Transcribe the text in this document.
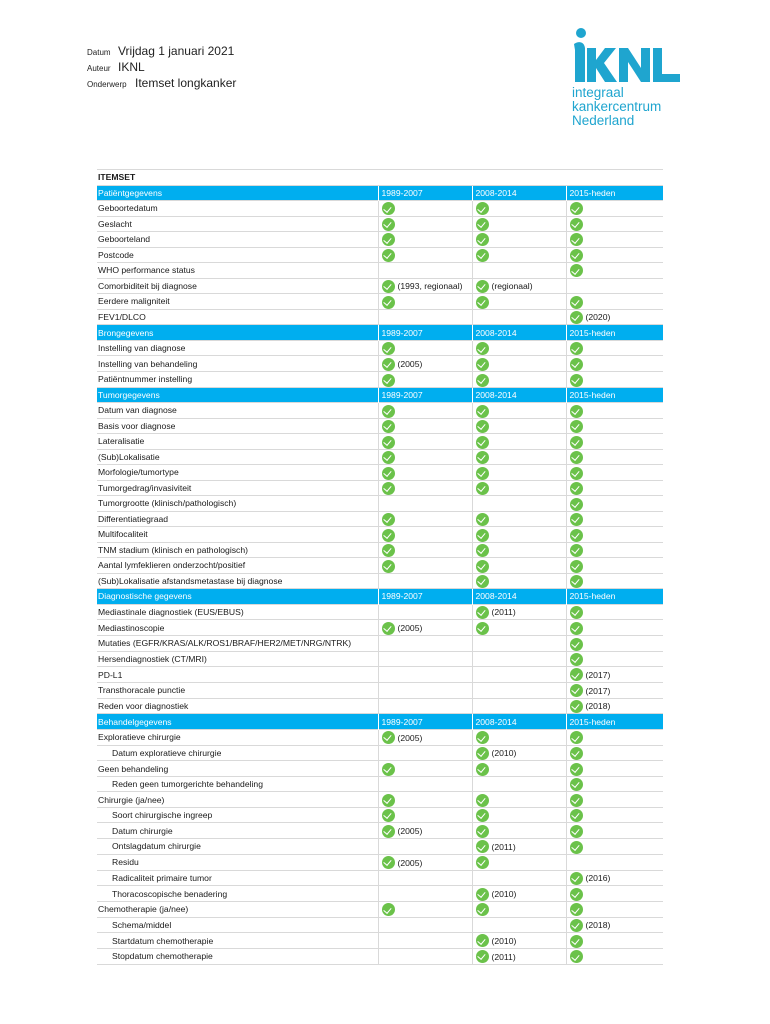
Datum Vrijdag 1 januari 2021
Auteur IKNL
Onderwerp Itemset longkanker
integraal
kankercentrum
Nederland
ITEMSET			
Patiëntgegevens	1989-2007	2008-2014	2015-heden
Geboortedatum			
Geslacht			
Geboorteland			
Postcode			
WHO performance status			
Comorbiditeit bij diagnose	(1993, regionaal)	(regionaal)	
Eerdere maligniteit			
FEV1/DLCO			(2020)
Brongegevens	1989-2007	2008-2014	2015-heden
Instelling van diagnose			
Instelling van behandeling	(2005)		
Patiëntnummer instelling			
Tumorgegevens	1989-2007	2008-2014	2015-heden
Datum van diagnose			
Basis voor diagnose			
Lateralisatie			
(Sub)Lokalisatie			
Morfologie/tumortype			
Tumorgedrag/invasiviteit			
Tumorgrootte (klinisch/pathologisch)			
Differentiatiegraad			
Multifocaliteit			
TNM stadium (klinisch en pathologisch)			
Aantal lymfeklieren onderzocht/positief			
(Sub)Lokalisatie afstandsmetastase bij diagnose			
Diagnostische gegevens	1989-2007	2008-2014	2015-heden
Mediastinale diagnostiek (EUS/EBUS)		(2011)	
Mediastinoscopie	(2005)		
Mutaties (EGFR/KRAS/ALK/ROS1/BRAF/HER2/MET/NRG/NTRK)			
Hersendiagnostiek (CT/MRI)			
PD-L1			(2017)
Transthoracale punctie			(2017)
Reden voor diagnostiek			(2018)
Behandelgegevens	1989-2007	2008-2014	2015-heden
Exploratieve chirurgie	(2005)		
Datum exploratieve chirurgie		(2010)	
Geen behandeling			
Reden geen tumorgerichte behandeling			
Chirurgie (ja/nee)			
Soort chirurgische ingreep			
Datum chirurgie	(2005)		
Ontslagdatum chirurgie		(2011)	
Residu	(2005)		
Radicaliteit primaire tumor			(2016)
Thoracoscopische benadering		(2010)	
Chemotherapie (ja/nee)			
Schema/middel			(2018)
Startdatum chemotherapie		(2010)	
Stopdatum chemotherapie		(2011)	
